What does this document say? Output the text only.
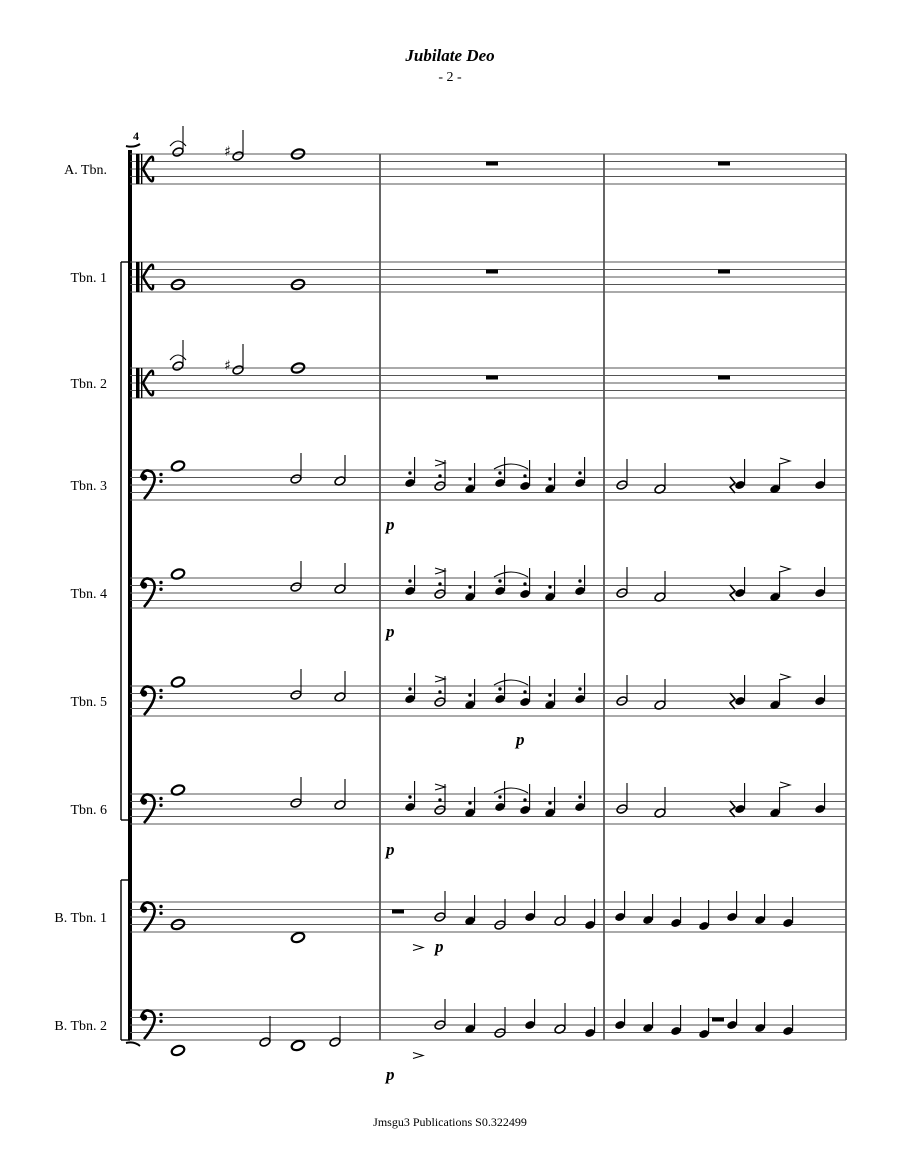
Jubilate Deo
- 2 -
A. Tbn.
♯
Tbn. 1
Tbn. 2
♯
Tbn. 3
Tbn. 4
Tbn. 5
Tbn. 6
B. Tbn. 1
B. Tbn. 2
4
p
p
p
p
p
p
Jmsgu3 Publications S0.322499
